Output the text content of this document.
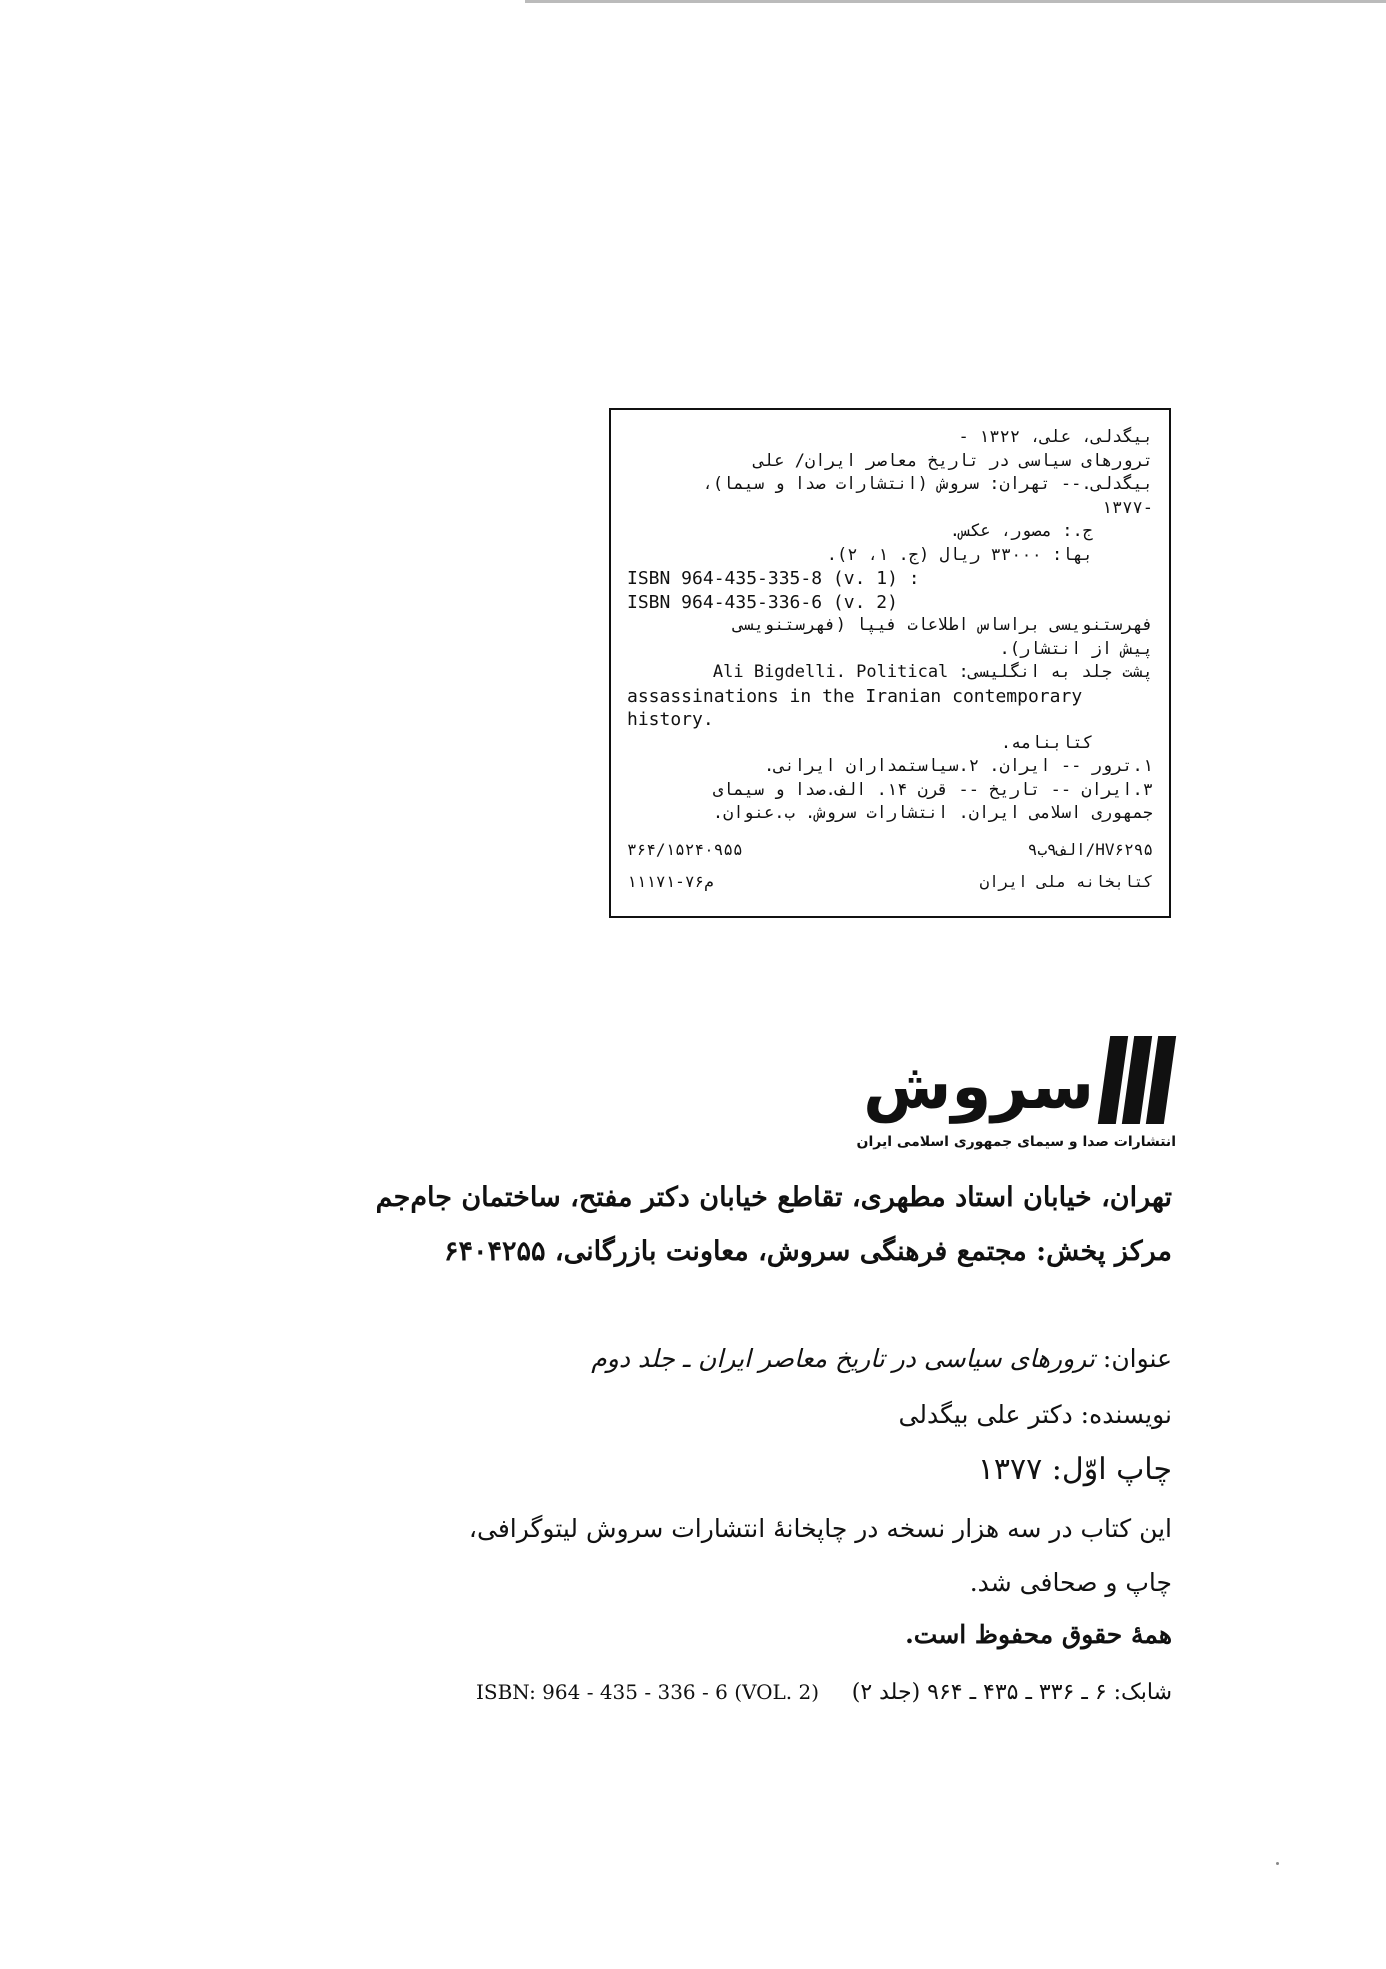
بیگدلی، علی، ۱۳۲۲ -
ترورهای سیاسی در تاریخ معاصر ایران/ علی
بیگدلی.-- تهران: سروش (انتشارات صدا و سیما)،
-۱۳۷۷
ج.: مصور، عکس.
بها: ۳۳۰۰۰ ریال (ج. ۱، ۲).
ISBN 964-435-335-8 (v. 1) :
ISBN 964-435-336-6 (v. 2)
فهرستنویسی براساس اطلاعات فیپا (فهرستنویسی
پیش از انتشار).
پشت جلد به انگلیسی: Ali Bigdelli. Political
assassinations in the Iranian contemporary
history.
کتابنامه.
۱.ترور -- ایران. ۲.سیاستمداران ایرانی.
۳.ایران -- تاریخ -- قرن ۱۴. الف.صدا و سیمای
جمهوری اسلامی ایران. انتشارات سروش. ب.عنوان.
۳۶۴/۱۵۲۴۰۹۵۵	HV۶۲۹۵/الف۹ب۹
م۷۶-۱۱۱۷۱	کتابخانه ملی ایران
سروش
انتشارات صدا و سیمای جمهوری اسلامی ایران
تهران، خیابان استاد مطهری، تقاطع خیابان دکتر مفتح، ساختمان جام‌جم
مرکز پخش: مجتمع فرهنگی سروش، معاونت بازرگانی، ۶۴۰۴۲۵۵
عنوان: ترورهای سیاسی در تاریخ معاصر ایران ـ جلد دوم
نویسنده: دکتر علی بیگدلی
چاپ اوّل: ۱۳۷۷
این کتاب در سه هزار نسخه در چاپخانهٔ انتشارات سروش لیتوگرافی،
چاپ و صحافی شد.
همهٔ حقوق محفوظ است.
ISBN: 964 - 435 - 336 - 6 (VOL. 2) شابک: ۶ ـ ۳۳۶ ـ ۴۳۵ ـ ۹۶۴ (جلد ۲)
